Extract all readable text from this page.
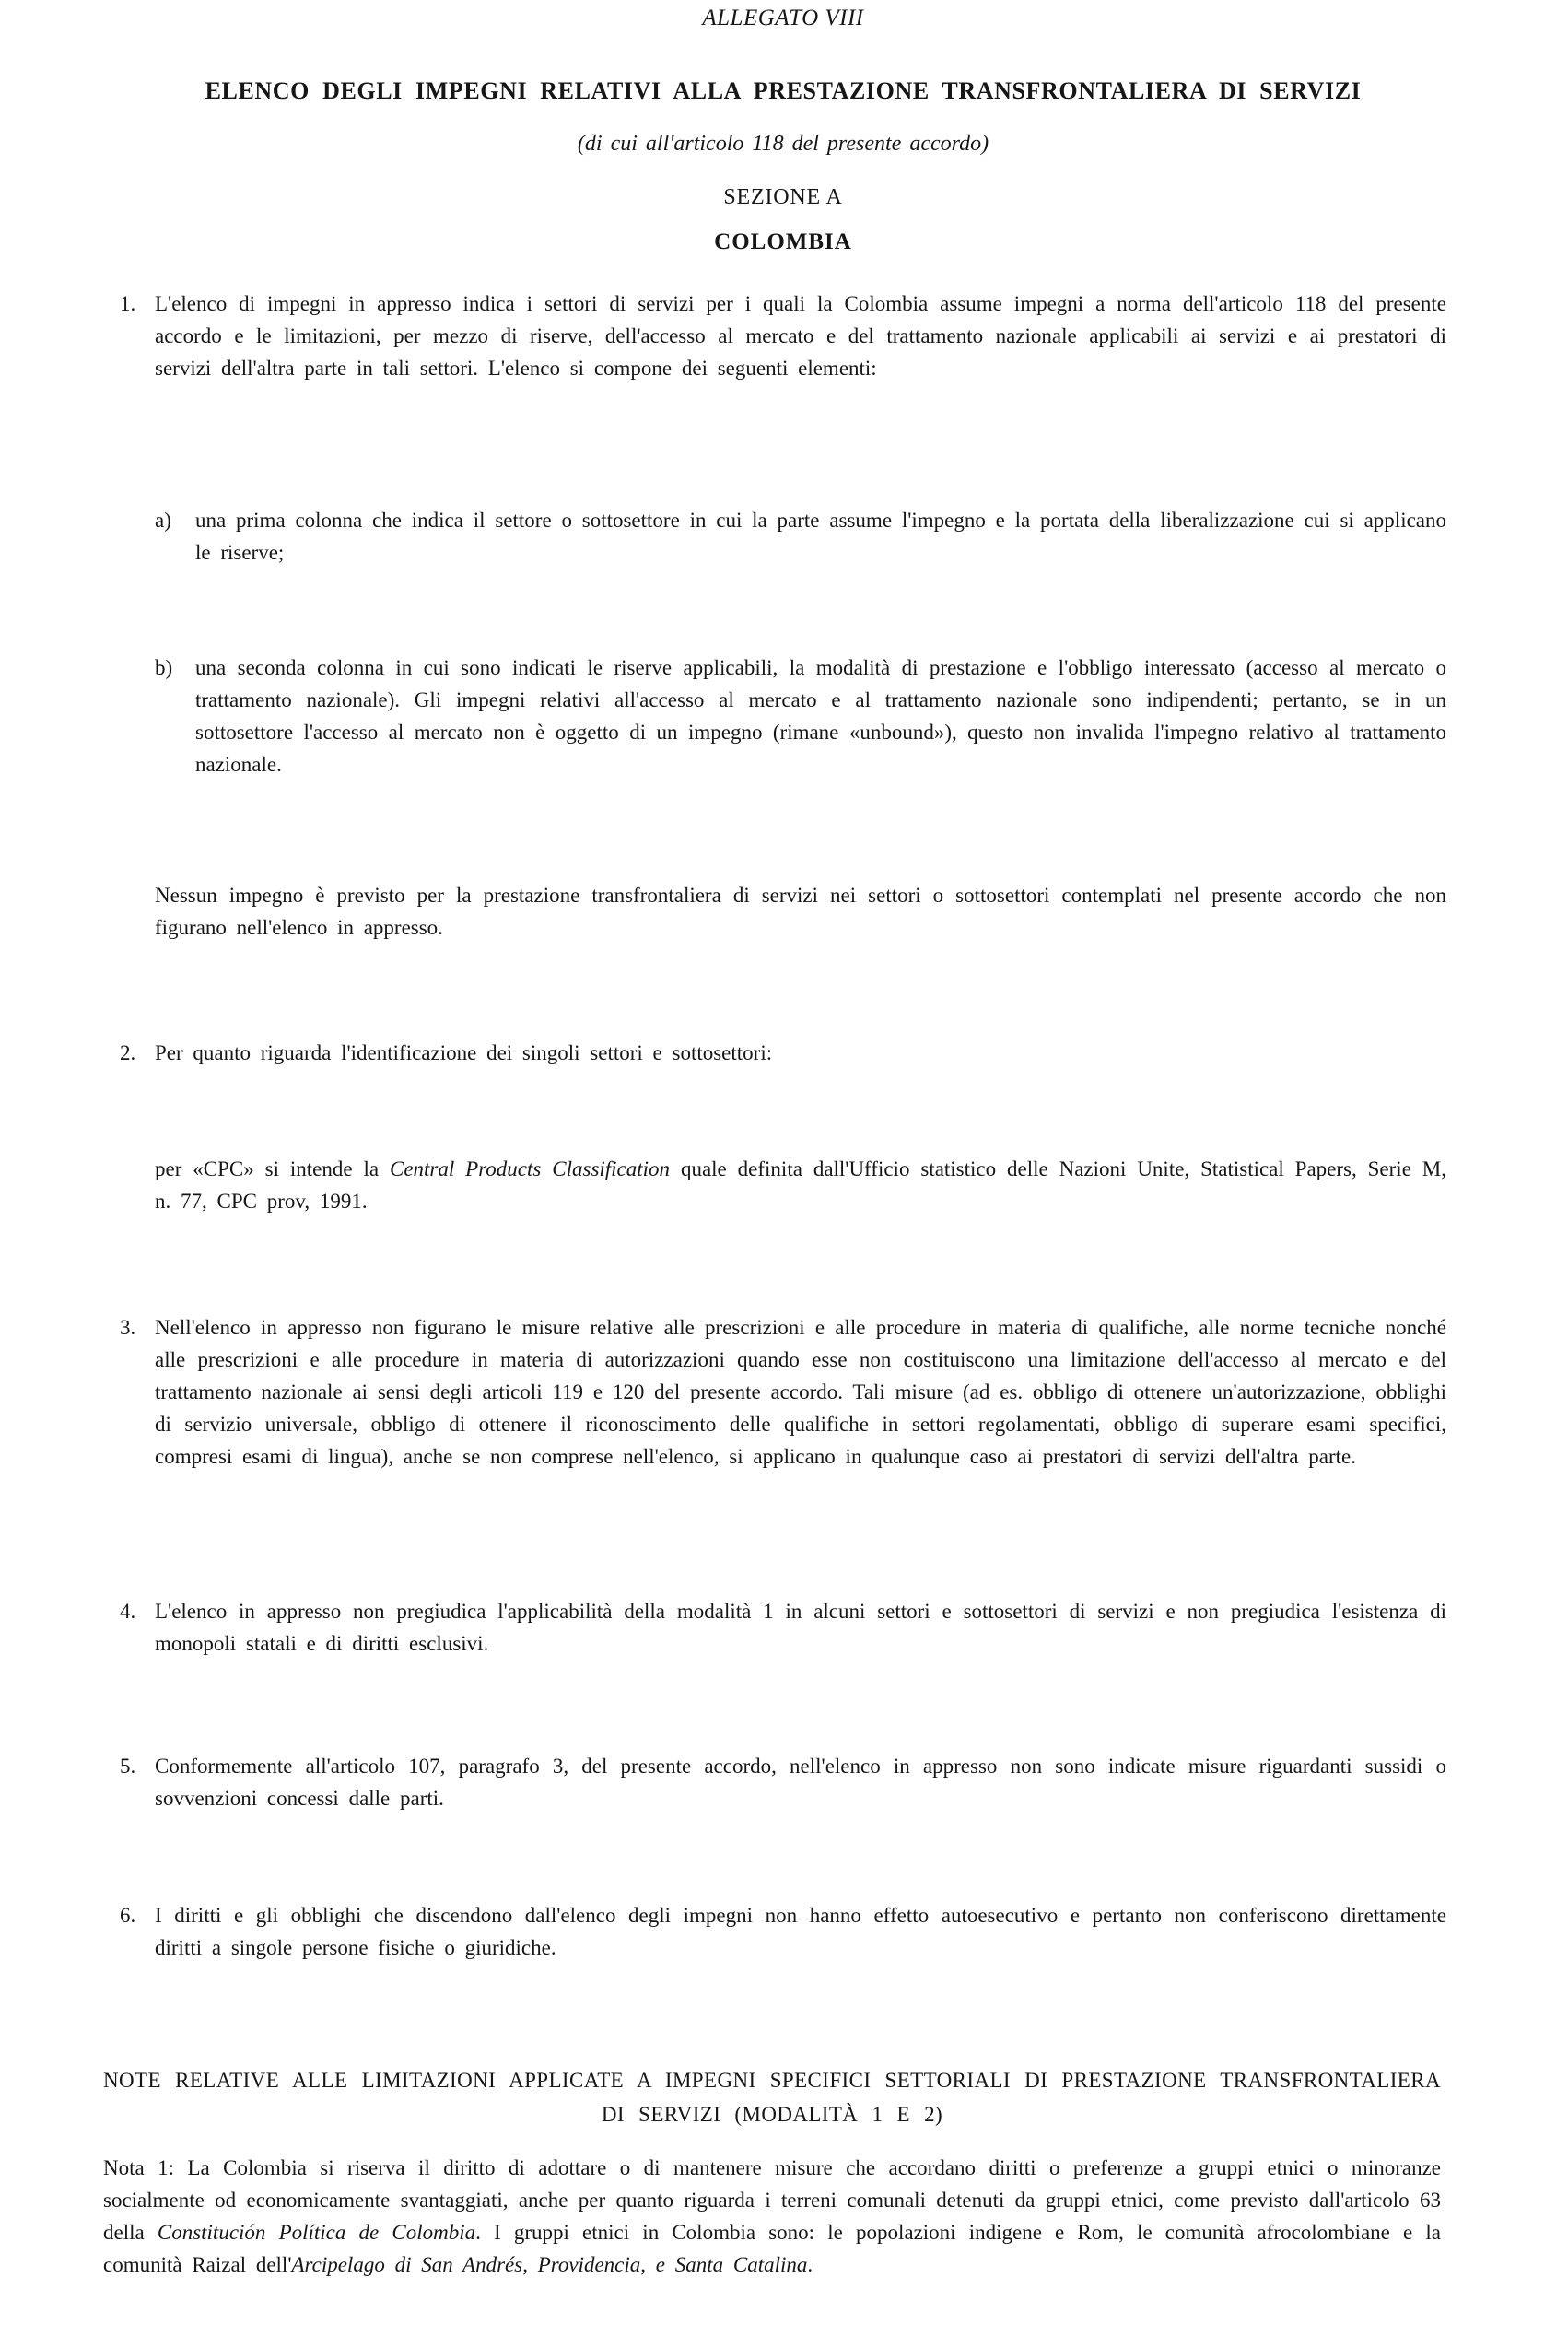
ALLEGATO VIII
ELENCO DEGLI IMPEGNI RELATIVI ALLA PRESTAZIONE TRANSFRONTALIERA DI SERVIZI
(di cui all'articolo 118 del presente accordo)
SEZIONE A
COLOMBIA
1. L'elenco di impegni in appresso indica i settori di servizi per i quali la Colombia assume impegni a norma dell'articolo 118 del presente accordo e le limitazioni, per mezzo di riserve, dell'accesso al mercato e del trattamento nazionale applicabili ai servizi e ai prestatori di servizi dell'altra parte in tali settori. L'elenco si compone dei seguenti elementi:
a) una prima colonna che indica il settore o sottosettore in cui la parte assume l'impegno e la portata della liberalizzazione cui si applicano le riserve;
b) una seconda colonna in cui sono indicati le riserve applicabili, la modalità di prestazione e l'obbligo interessato (accesso al mercato o trattamento nazionale). Gli impegni relativi all'accesso al mercato e al trattamento nazionale sono indipendenti; pertanto, se in un sottosettore l'accesso al mercato non è oggetto di un impegno (rimane «unbound»), questo non invalida l'impegno relativo al trattamento nazionale.
Nessun impegno è previsto per la prestazione transfrontaliera di servizi nei settori o sottosettori contemplati nel presente accordo che non figurano nell'elenco in appresso.
2. Per quanto riguarda l'identificazione dei singoli settori e sottosettori:
per «CPC» si intende la Central Products Classification quale definita dall'Ufficio statistico delle Nazioni Unite, Statistical Papers, Serie M, n. 77, CPC prov, 1991.
3. Nell'elenco in appresso non figurano le misure relative alle prescrizioni e alle procedure in materia di qualifiche, alle norme tecniche nonché alle prescrizioni e alle procedure in materia di autorizzazioni quando esse non costituiscono una limitazione dell'accesso al mercato e del trattamento nazionale ai sensi degli articoli 119 e 120 del presente accordo. Tali misure (ad es. obbligo di ottenere un'autorizzazione, obblighi di servizio universale, obbligo di ottenere il riconoscimento delle qualifiche in settori regolamentati, obbligo di superare esami specifici, compresi esami di lingua), anche se non comprese nell'elenco, si applicano in qualunque caso ai prestatori di servizi dell'altra parte.
4. L'elenco in appresso non pregiudica l'applicabilità della modalità 1 in alcuni settori e sottosettori di servizi e non pregiudica l'esistenza di monopoli statali e di diritti esclusivi.
5. Conformemente all'articolo 107, paragrafo 3, del presente accordo, nell'elenco in appresso non sono indicate misure riguardanti sussidi o sovvenzioni concessi dalle parti.
6. I diritti e gli obblighi che discendono dall'elenco degli impegni non hanno effetto autoesecutivo e pertanto non conferiscono direttamente diritti a singole persone fisiche o giuridiche.
NOTE RELATIVE ALLE LIMITAZIONI APPLICATE A IMPEGNI SPECIFICI SETTORIALI DI PRESTAZIONE TRANSFRONTALIERA DI SERVIZI (MODALITÀ 1 E 2)
Nota 1: La Colombia si riserva il diritto di adottare o di mantenere misure che accordano diritti o preferenze a gruppi etnici o minoranze socialmente od economicamente svantaggiati, anche per quanto riguarda i terreni comunali detenuti da gruppi etnici, come previsto dall'articolo 63 della Constitución Política de Colombia. I gruppi etnici in Colombia sono: le popolazioni indigene e Rom, le comunità afrocolombiane e la comunità Raizal dell'Arcipelago di San Andrés, Providencia, e Santa Catalina.
